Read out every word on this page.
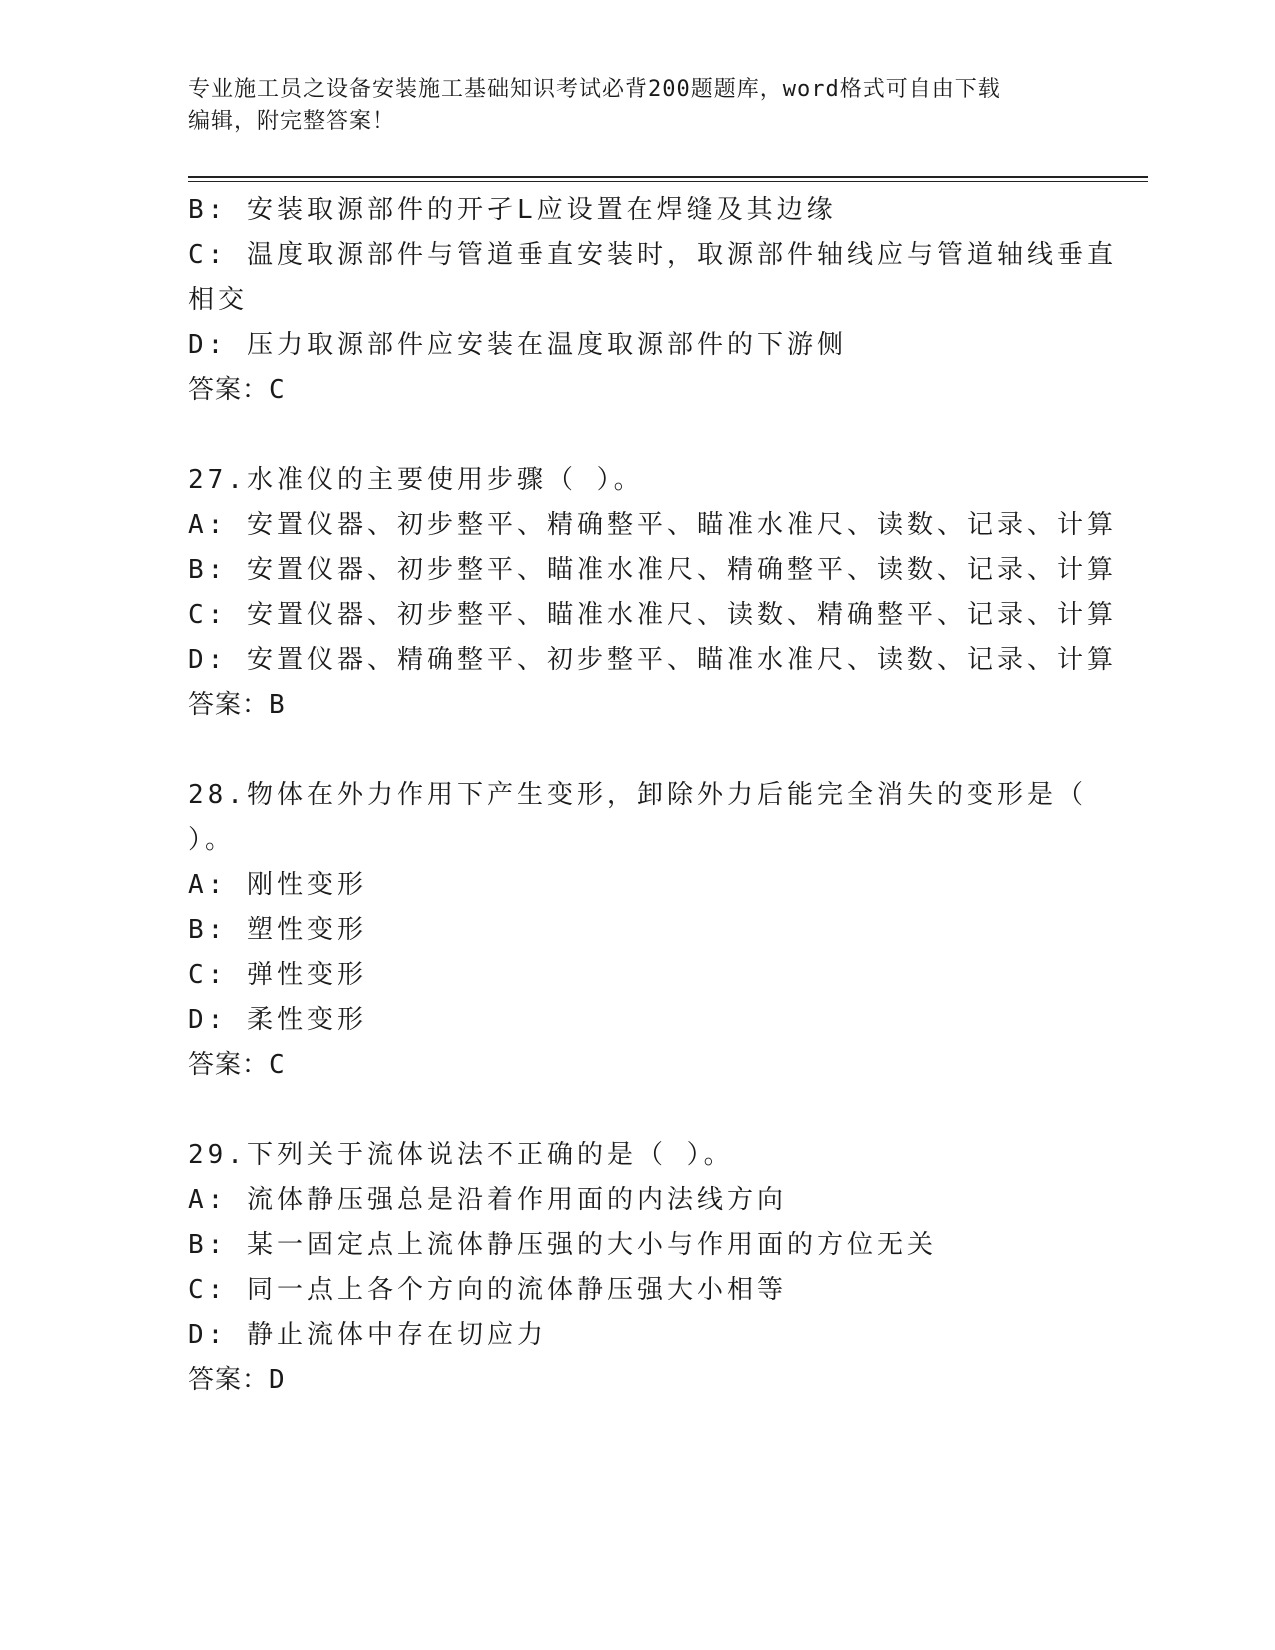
专业施工员之设备安装施工基础知识考试必背200题题库，word格式可自由下载
编辑，附完整答案！
B: 安装取源部件的开孑L应设置在焊缝及其边缘
C: 温度取源部件与管道垂直安装时，取源部件轴线应与管道轴线垂直
相交
D: 压力取源部件应安装在温度取源部件的下游侧
答案：C
27.水准仪的主要使用步骤（ ）。
A: 安置仪器、初步整平、精确整平、瞄准水准尺、读数、记录、计算
B: 安置仪器、初步整平、瞄准水准尺、精确整平、读数、记录、计算
C: 安置仪器、初步整平、瞄准水准尺、读数、精确整平、记录、计算
D: 安置仪器、精确整平、初步整平、瞄准水准尺、读数、记录、计算
答案：B
28.物体在外力作用下产生变形，卸除外力后能完全消失的变形是（
）。
A: 刚性变形
B: 塑性变形
C: 弹性变形
D: 柔性变形
答案：C
29.下列关于流体说法不正确的是（ ）。
A: 流体静压强总是沿着作用面的内法线方向
B: 某一固定点上流体静压强的大小与作用面的方位无关
C: 同一点上各个方向的流体静压强大小相等
D: 静止流体中存在切应力
答案：D
